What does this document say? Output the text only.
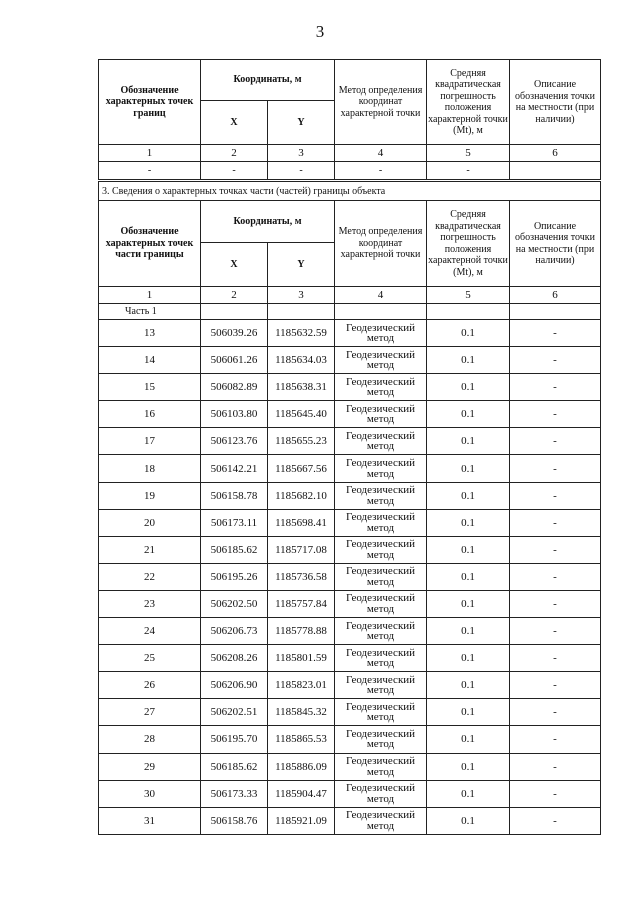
3
Обозначение характерных точек границ	Координаты, м		Метод определения координат характерной точки	Средняя квадратическая погрешность положения характерной точки (Mt), м	Описание обозначения точки на местности (при наличии)
	X	Y			
1	2	3	4	5	6
-	-	-	-	-	
3. Сведения о характерных точках части (частей) границы объекта					
Обозначение характерных точек части границы	Координаты, м		Метод определения координат характерной точки	Средняя квадратическая погрешность положения характерной точки (Mt), м	Описание обозначения точки на местности (при наличии)
	X	Y			
1	2	3	4	5	6
Часть 1					
13	506039.26	1185632.59	Геодезический метод	0.1	-
14	506061.26	1185634.03	Геодезический метод	0.1	-
15	506082.89	1185638.31	Геодезический метод	0.1	-
16	506103.80	1185645.40	Геодезический метод	0.1	-
17	506123.76	1185655.23	Геодезический метод	0.1	-
18	506142.21	1185667.56	Геодезический метод	0.1	-
19	506158.78	1185682.10	Геодезический метод	0.1	-
20	506173.11	1185698.41	Геодезический метод	0.1	-
21	506185.62	1185717.08	Геодезический метод	0.1	-
22	506195.26	1185736.58	Геодезический метод	0.1	-
23	506202.50	1185757.84	Геодезический метод	0.1	-
24	506206.73	1185778.88	Геодезический метод	0.1	-
25	506208.26	1185801.59	Геодезический метод	0.1	-
26	506206.90	1185823.01	Геодезический метод	0.1	-
27	506202.51	1185845.32	Геодезический метод	0.1	-
28	506195.70	1185865.53	Геодезический метод	0.1	-
29	506185.62	1185886.09	Геодезический метод	0.1	-
30	506173.33	1185904.47	Геодезический метод	0.1	-
31	506158.76	1185921.09	Геодезический метод	0.1	-
